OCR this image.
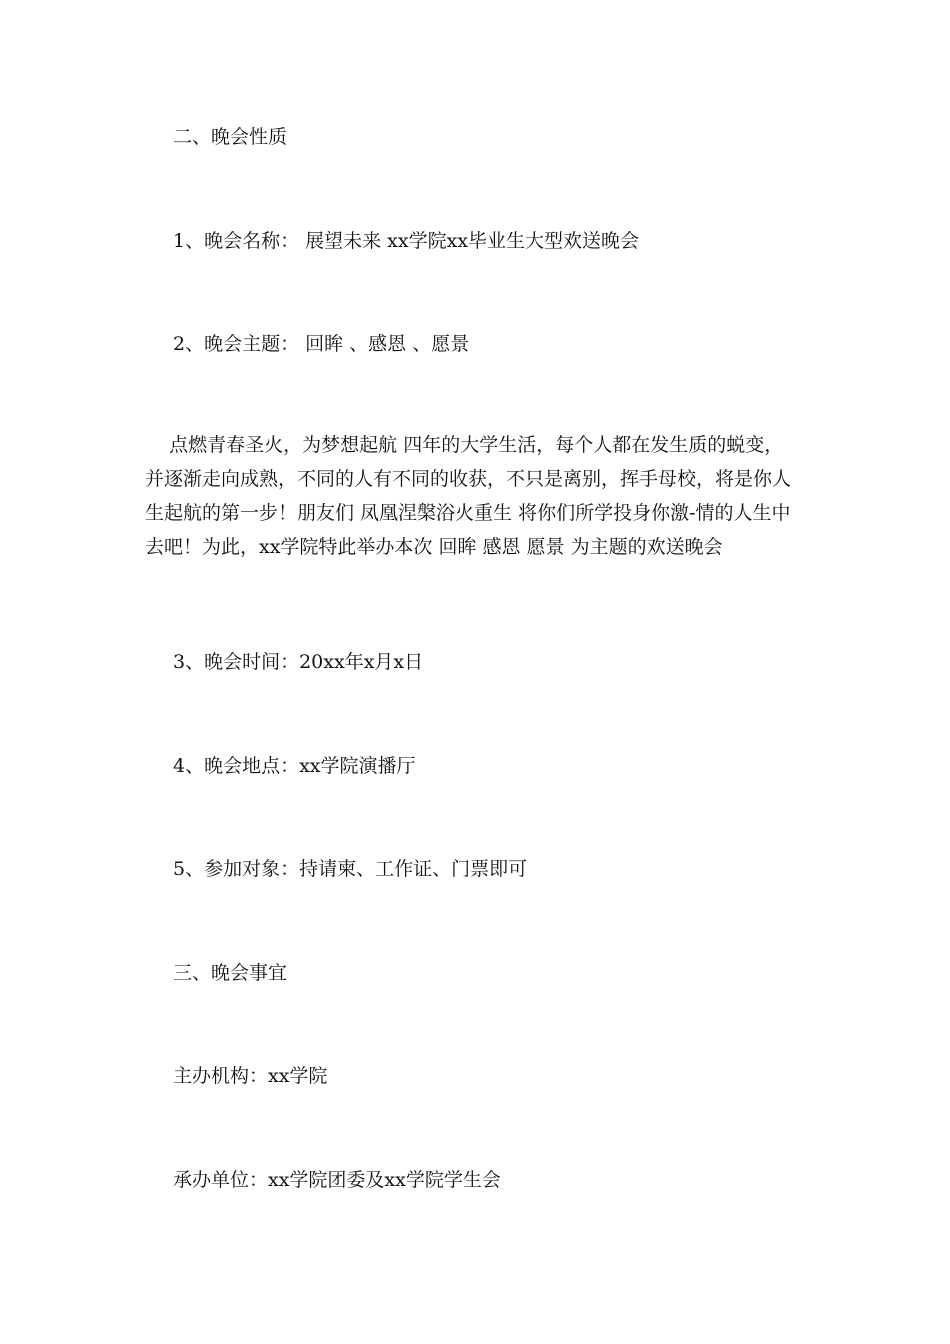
二、晚会性质
1、晚会名称： 展望未来 xx学院xx毕业生大型欢送晚会
2、晚会主题： 回眸 、感恩 、愿景
点燃青春圣火，为梦想起航 四年的大学生活，每个人都在发生质的蜕变，
并逐渐走向成熟，不同的人有不同的收获，不只是离别，挥手母校，将是你人
生起航的第一步！朋友们 凤凰涅槃浴火重生 将你们所学投身你激-情的人生中
去吧！为此，xx学院特此举办本次 回眸 感恩 愿景 为主题的欢送晚会
3、晚会时间：20xx年x月x日
4、晚会地点：xx学院演播厅
5、参加对象：持请柬、工作证、门票即可
三、晚会事宜
主办机构：xx学院
承办单位：xx学院团委及xx学院学生会
